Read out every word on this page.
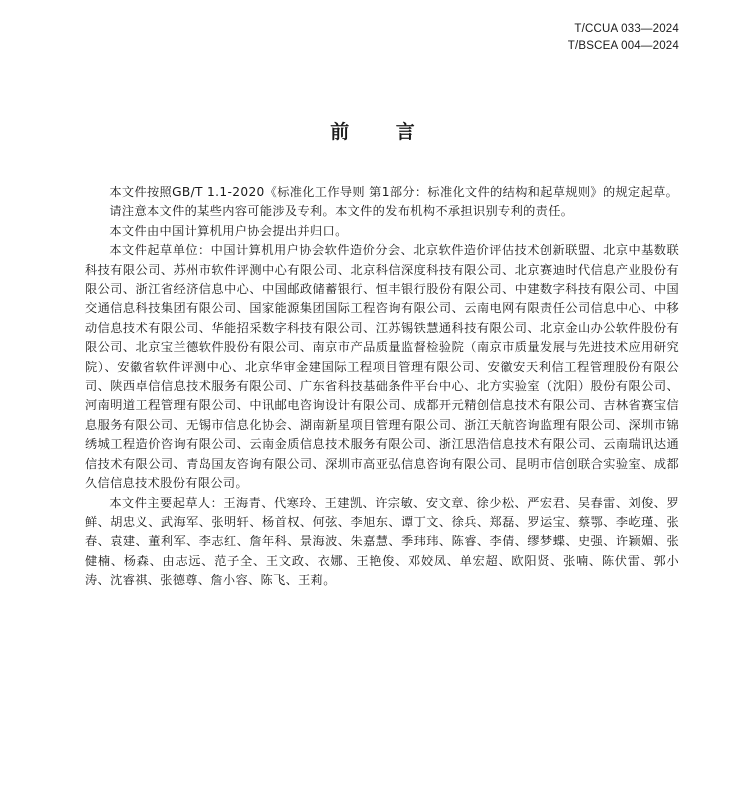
T/CCUA 033—2024
T/BSCEA 004—2024
前 言

本文件按照GB/T 1.1-2020《标准化工作导则 第1部分：标准化文件的结构和起草规则》的规定起草。

请注意本文件的某些内容可能涉及专利。本文件的发布机构不承担识别专利的责任。

本文件由中国计算机用户协会提出并归口。

本文件起草单位：中国计算机用户协会软件造价分会、北京软件造价评估技术创新联盟、北京中基数联科技有限公司、苏州市软件评测中心有限公司、北京科信深度科技有限公司、北京赛迪时代信息产业股份有限公司、浙江省经济信息中心、中国邮政储蓄银行、恒丰银行股份有限公司、中建数字科技有限公司、中国交通信息科技集团有限公司、国家能源集团国际工程咨询有限公司、云南电网有限责任公司信息中心、中移动信息技术有限公司、华能招采数字科技有限公司、江苏锡铁慧通科技有限公司、北京金山办公软件股份有限公司、北京宝兰德软件股份有限公司、南京市产品质量监督检验院（南京市质量发展与先进技术应用研究院）、安徽省软件评测中心、北京华审金建国际工程项目管理有限公司、安徽安天利信工程管理股份有限公司、陕西卓信信息技术服务有限公司、广东省科技基础条件平台中心、北方实验室（沈阳）股份有限公司、河南明道工程管理有限公司、中讯邮电咨询设计有限公司、成都开元精创信息技术有限公司、吉林省赛宝信息服务有限公司、无锡市信息化协会、湖南新星项目管理有限公司、浙江天航咨询监理有限公司、深圳市锦绣城工程造价咨询有限公司、云南金质信息技术服务有限公司、浙江思浩信息技术有限公司、云南瑞讯达通信技术有限公司、青岛国友咨询有限公司、深圳市高亚弘信息咨询有限公司、昆明市信创联合实验室、成都久信信息技术股份有限公司。

本文件主要起草人：王海青、代寒玲、王建凯、许宗敏、安文章、徐少松、严宏君、吴春雷、刘俊、罗鲜、胡忠义、武海军、张明轩、杨首权、何弦、李旭东、谭丁文、徐兵、郑磊、罗运宝、蔡鄂、李屹瑾、张春、袁建、董利军、李志红、詹年科、景海波、朱嘉慧、季玮玮、陈睿、李倩、缪梦蝶、史强、许颖媚、张健楠、杨森、由志远、范子全、王文政、衣娜、王艳俊、邓姣凤、单宏超、欧阳贤、张喃、陈伏雷、郭小涛、沈睿祺、张德尊、詹小容、陈飞、王莉。
